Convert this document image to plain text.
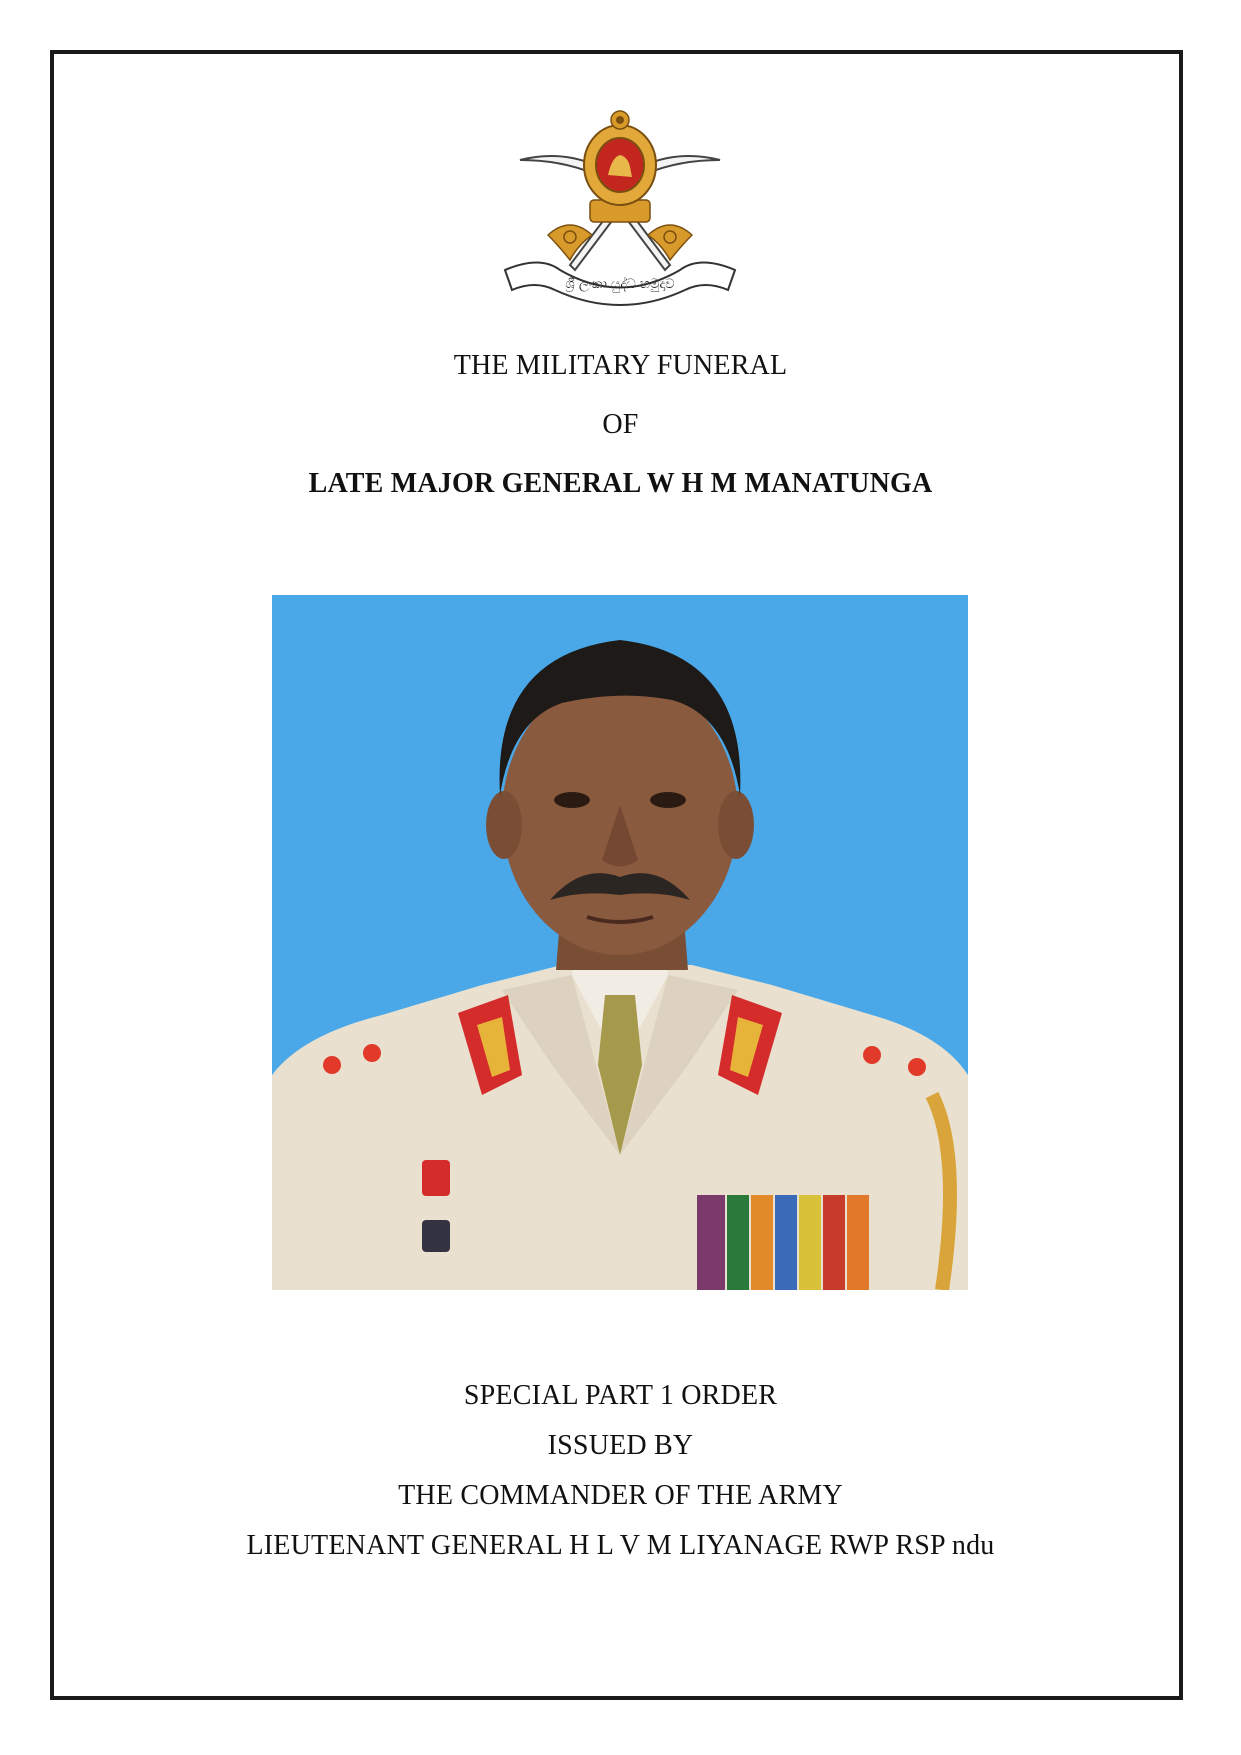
ශ්‍රී ලංකා යුද්ධ හමුදාව
THE MILITARY FUNERAL
OF
LATE MAJOR GENERAL W H M MANATUNGA
SPECIAL PART 1 ORDER
ISSUED BY
THE COMMANDER OF THE ARMY
LIEUTENANT GENERAL H L V M LIYANAGE RWP RSP ndu
